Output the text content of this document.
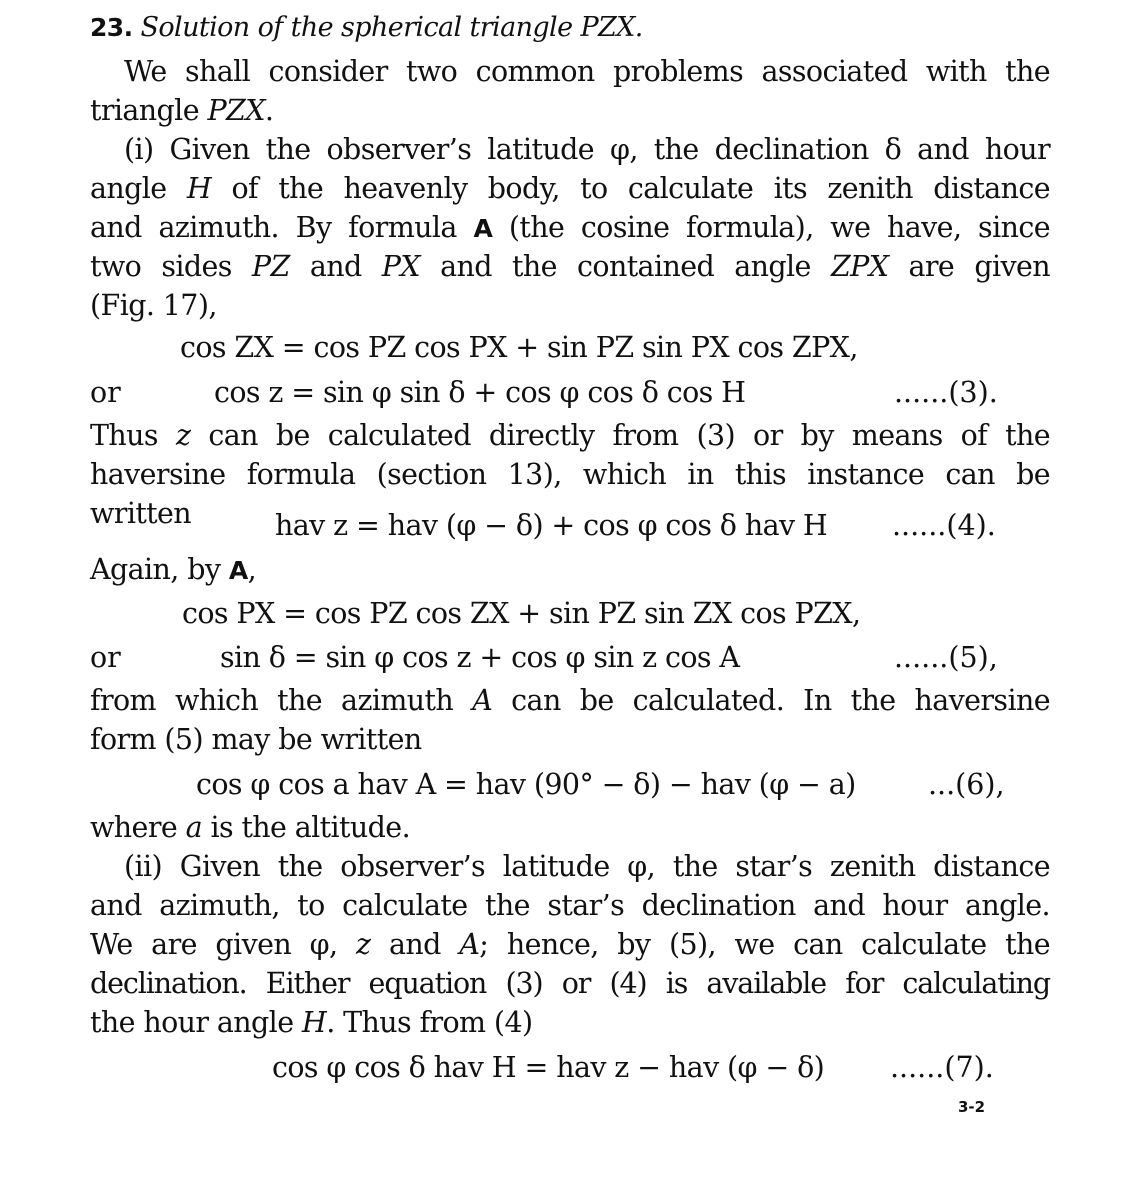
23. Solution of the spherical triangle PZX.
We shall consider two common problems associated with the
triangle PZX.
(i) Given the observer’s latitude φ, the declination δ and hour
angle H of the heavenly body, to calculate its zenith distance
and azimuth. By formula A (the cosine formula), we have, since
two sides PZ and PX and the contained angle ZPX are given
(Fig. 17),
cos ZX = cos PZ cos PX + sin PZ sin PX cos ZPX,
or	cos z = sin φ sin δ + cos φ cos δ cos H	......(3).
Thus z can be calculated directly from (3) or by means of the
haversine formula (section 13), which in this instance can be
written	hav z = hav (φ − δ) + cos φ cos δ hav H ......(4).
Again, by A,
cos PX = cos PZ cos ZX + sin PZ sin ZX cos PZX,
or	sin δ = sin φ cos z + cos φ sin z cos A	......(5),
from which the azimuth A can be calculated. In the haversine
form (5) may be written
cos φ cos a hav A = hav (90° − δ) − hav (φ − a)	...(6),
where a is the altitude.
(ii) Given the observer’s latitude φ, the star’s zenith distance
and azimuth, to calculate the star’s declination and hour angle.
We are given φ, z and A; hence, by (5), we can calculate the
declination. Either equation (3) or (4) is available for calculating
the hour angle H. Thus from (4)
cos φ cos δ hav H = hav z − hav (φ − δ) ......(7).
3-2
